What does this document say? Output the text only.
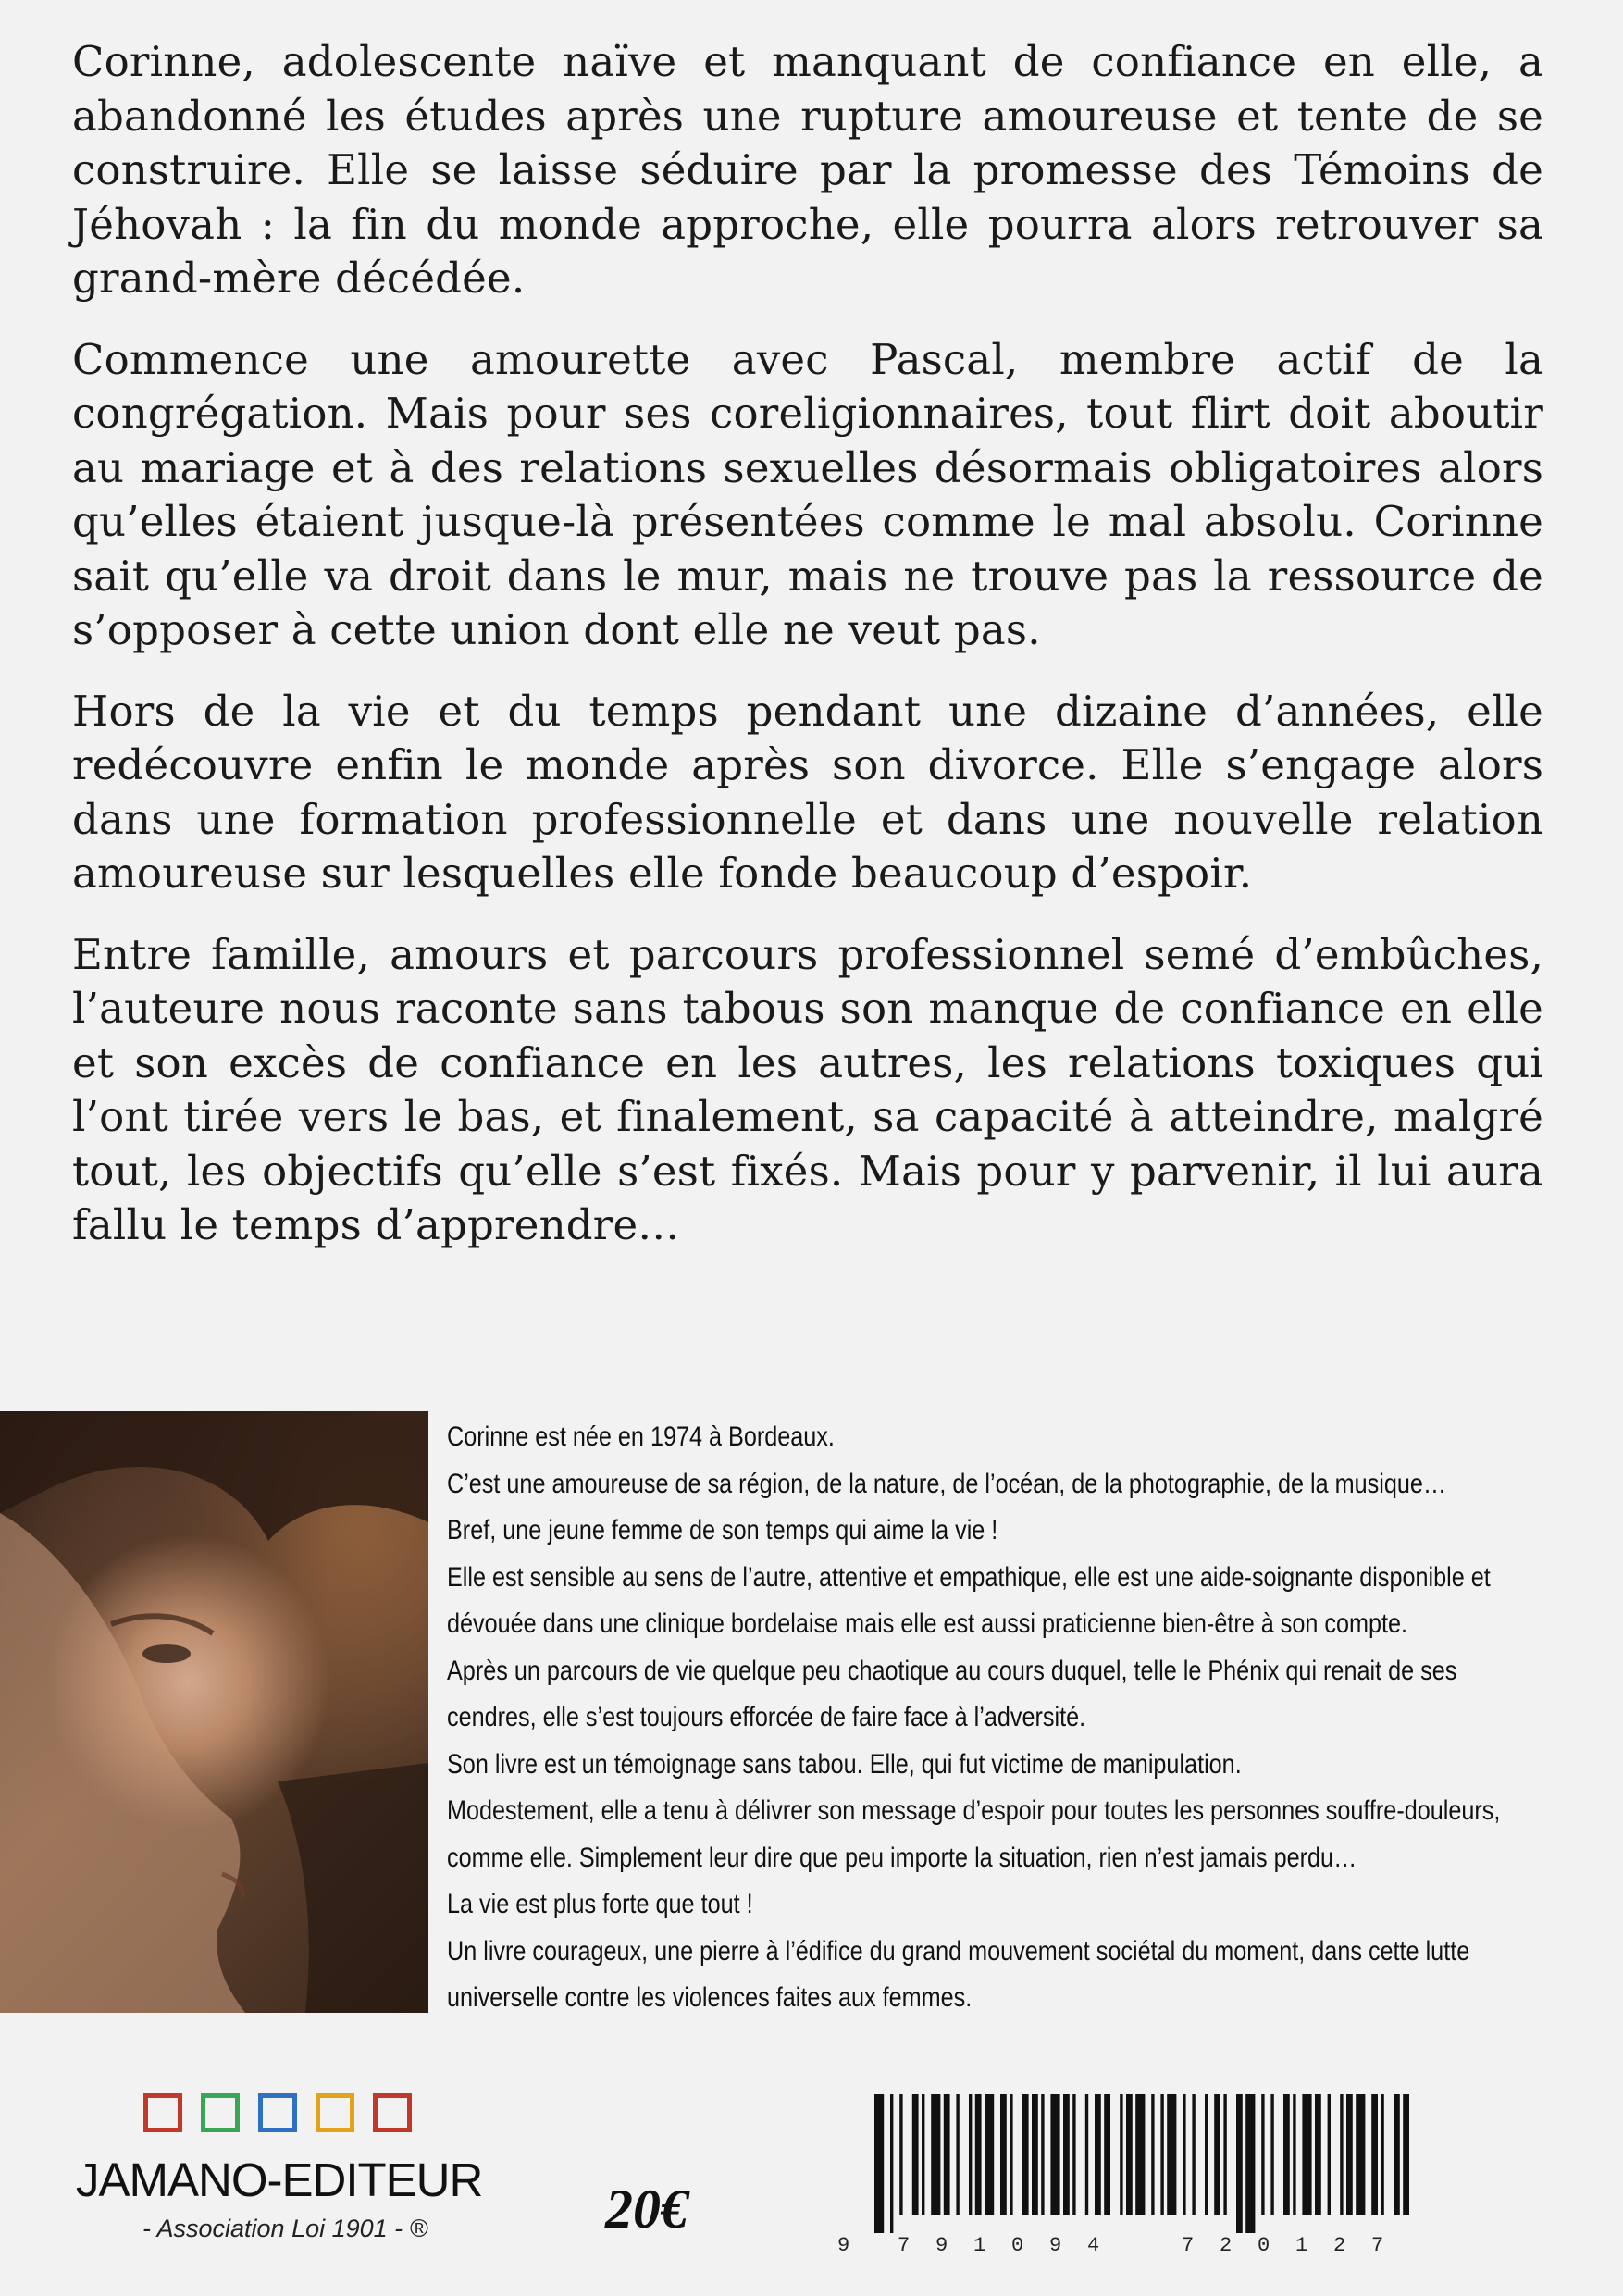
Corinne, adolescente naïve et manquant de confiance en elle, a abandonné les études après une rupture amoureuse et tente de se construire. Elle se laisse séduire par la promesse des Témoins de Jéhovah : la fin du monde approche, elle pourra alors retrouver sa grand-mère décédée.

Commence une amourette avec Pascal, membre actif de la congrégation. Mais pour ses coreligionnaires, tout flirt doit aboutir au mariage et à des relations sexuelles désormais obligatoires alors qu’elles étaient jusque-là présentées comme le mal absolu. Corinne sait qu’elle va droit dans le mur, mais ne trouve pas la ressource de s’opposer à cette union dont elle ne veut pas.

Hors de la vie et du temps pendant une dizaine d’années, elle redécouvre enfin le monde après son divorce. Elle s’engage alors dans une formation professionnelle et dans une nouvelle relation amoureuse sur lesquelles elle fonde beaucoup d’espoir.

Entre famille, amours et parcours professionnel semé d’embûches, l’auteure nous raconte sans tabous son manque de confiance en elle et son excès de confiance en les autres, les relations toxiques qui l’ont tirée vers le bas, et finalement, sa capacité à atteindre, malgré tout, les objectifs qu’elle s’est fixés. Mais pour y parvenir, il lui aura fallu le temps d’apprendre…

Corinne est née en 1974 à Bordeaux.
C’est une amoureuse de sa région, de la nature, de l’océan, de la photographie, de la musique…
Bref, une jeune femme de son temps qui aime la vie !
Elle est sensible au sens de l’autre, attentive et empathique, elle est une aide-soignante disponible et
dévouée dans une clinique bordelaise mais elle est aussi praticienne bien-être à son compte.
Après un parcours de vie quelque peu chaotique au cours duquel, telle le Phénix qui renait de ses
cendres, elle s’est toujours efforcée de faire face à l’adversité.
Son livre est un témoignage sans tabou. Elle, qui fut victime de manipulation.
Modestement, elle a tenu à délivrer son message d’espoir pour toutes les personnes souffre-douleurs,
comme elle. Simplement leur dire que peu importe la situation, rien n’est jamais perdu…
La vie est plus forte que tout !
Un livre courageux, une pierre à l’édifice du grand mouvement sociétal du moment, dans cette lutte
universelle contre les violences faites aux femmes.
JAMANO-EDITEUR
- Association Loi 1901 - ®	20€
9 7 9 1 0 9 4	7 2 0 1 2 7
